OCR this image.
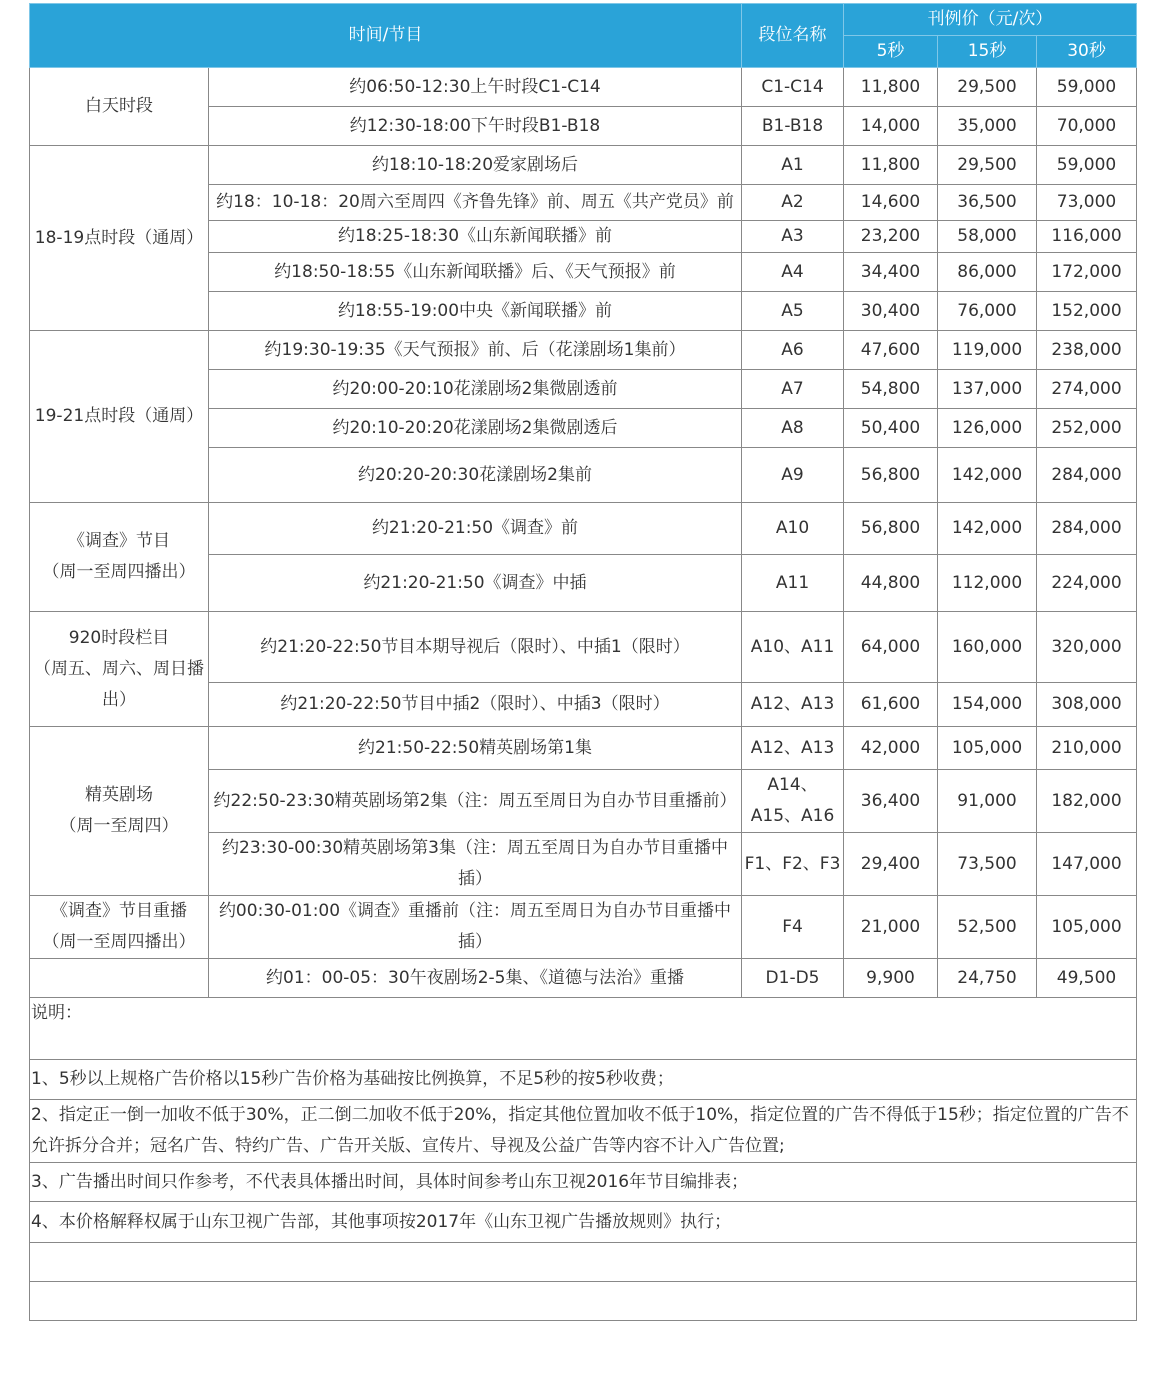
时间/节目		段位名称	刊例价（元/次）		
			5秒	15秒	30秒

白天时段	约06:50-12:30上午时段C1-C14	C1-C14	11,800	29,500	59,000
	约12:30-18:00下午时段B1-B18	B1-B18	14,000	35,000	70,000

18-19点时段（通周）	约18:10-18:20爱家剧场后	A1	11,800	29,500	59,000
	约18：10-18：20周六至周四《齐鲁先锋》前、周五《共产党员》前	A2	14,600	36,500	73,000
	约18:25-18:30《山东新闻联播》前	A3	23,200	58,000	116,000
	约18:50-18:55《山东新闻联播》后、《天气预报》前	A4	34,400	86,000	172,000
	约18:55-19:00中央《新闻联播》前	A5	30,400	76,000	152,000

19-21点时段（通周）	约19:30-19:35《天气预报》前、后（花漾剧场1集前）	A6	47,600	119,000	238,000
	约20:00-20:10花漾剧场2集微剧透前	A7	54,800	137,000	274,000
	约20:10-20:20花漾剧场2集微剧透后	A8	50,400	126,000	252,000
	约20:20-20:30花漾剧场2集前	A9	56,800	142,000	284,000

《调查》节目
（周一至周四播出）	约21:20-21:50《调查》前	A10	56,800	142,000	284,000
	约21:20-21:50《调查》中插	A11	44,800	112,000	224,000

920时段栏目
（周五、周六、周日播
出）	约21:20-22:50节目本期导视后（限时）、中插1（限时）	A10、A11	64,000	160,000	320,000
	约21:20-22:50节目中插2（限时）、中插3（限时）	A12、A13	61,600	154,000	308,000

精英剧场
（周一至周四）	约21:50-22:50精英剧场第1集	A12、A13	42,000	105,000	210,000
	约22:50-23:30精英剧场第2集（注：周五至周日为自办节目重播前）	A14、A15、A16	36,400	91,000	182,000
	约23:30-00:30精英剧场第3集（注：周五至周日为自办节目重播中插）	F1、F2、F3	29,400	73,500	147,000

《调查》节目重播
（周一至周四播出）	约00:30-01:00《调查》重播前（注：周五至周日为自办节目重播中插）	F4	21,000	52,500	105,000

	约01：00-05：30午夜剧场2-5集、《道德与法治》重播	D1-D5	9,900	24,750	49,500
说明：					
1、5秒以上规格广告价格以15秒广告价格为基础按比例换算，不足5秒的按5秒收费；					
2、指定正一倒一加收不低于30%，正二倒二加收不低于20%，指定其他位置加收不低于10%，指定位置的广告不得低于15秒；指定位置的广告不允许拆分合并；冠名广告、特约广告、广告开关版、宣传片、导视及公益广告等内容不计入广告位置;					
3、广告播出时间只作参考，不代表具体播出时间，具体时间参考山东卫视2016年节目编排表；					
4、本价格解释权属于山东卫视广告部，其他事项按2017年《山东卫视广告播放规则》执行；					
